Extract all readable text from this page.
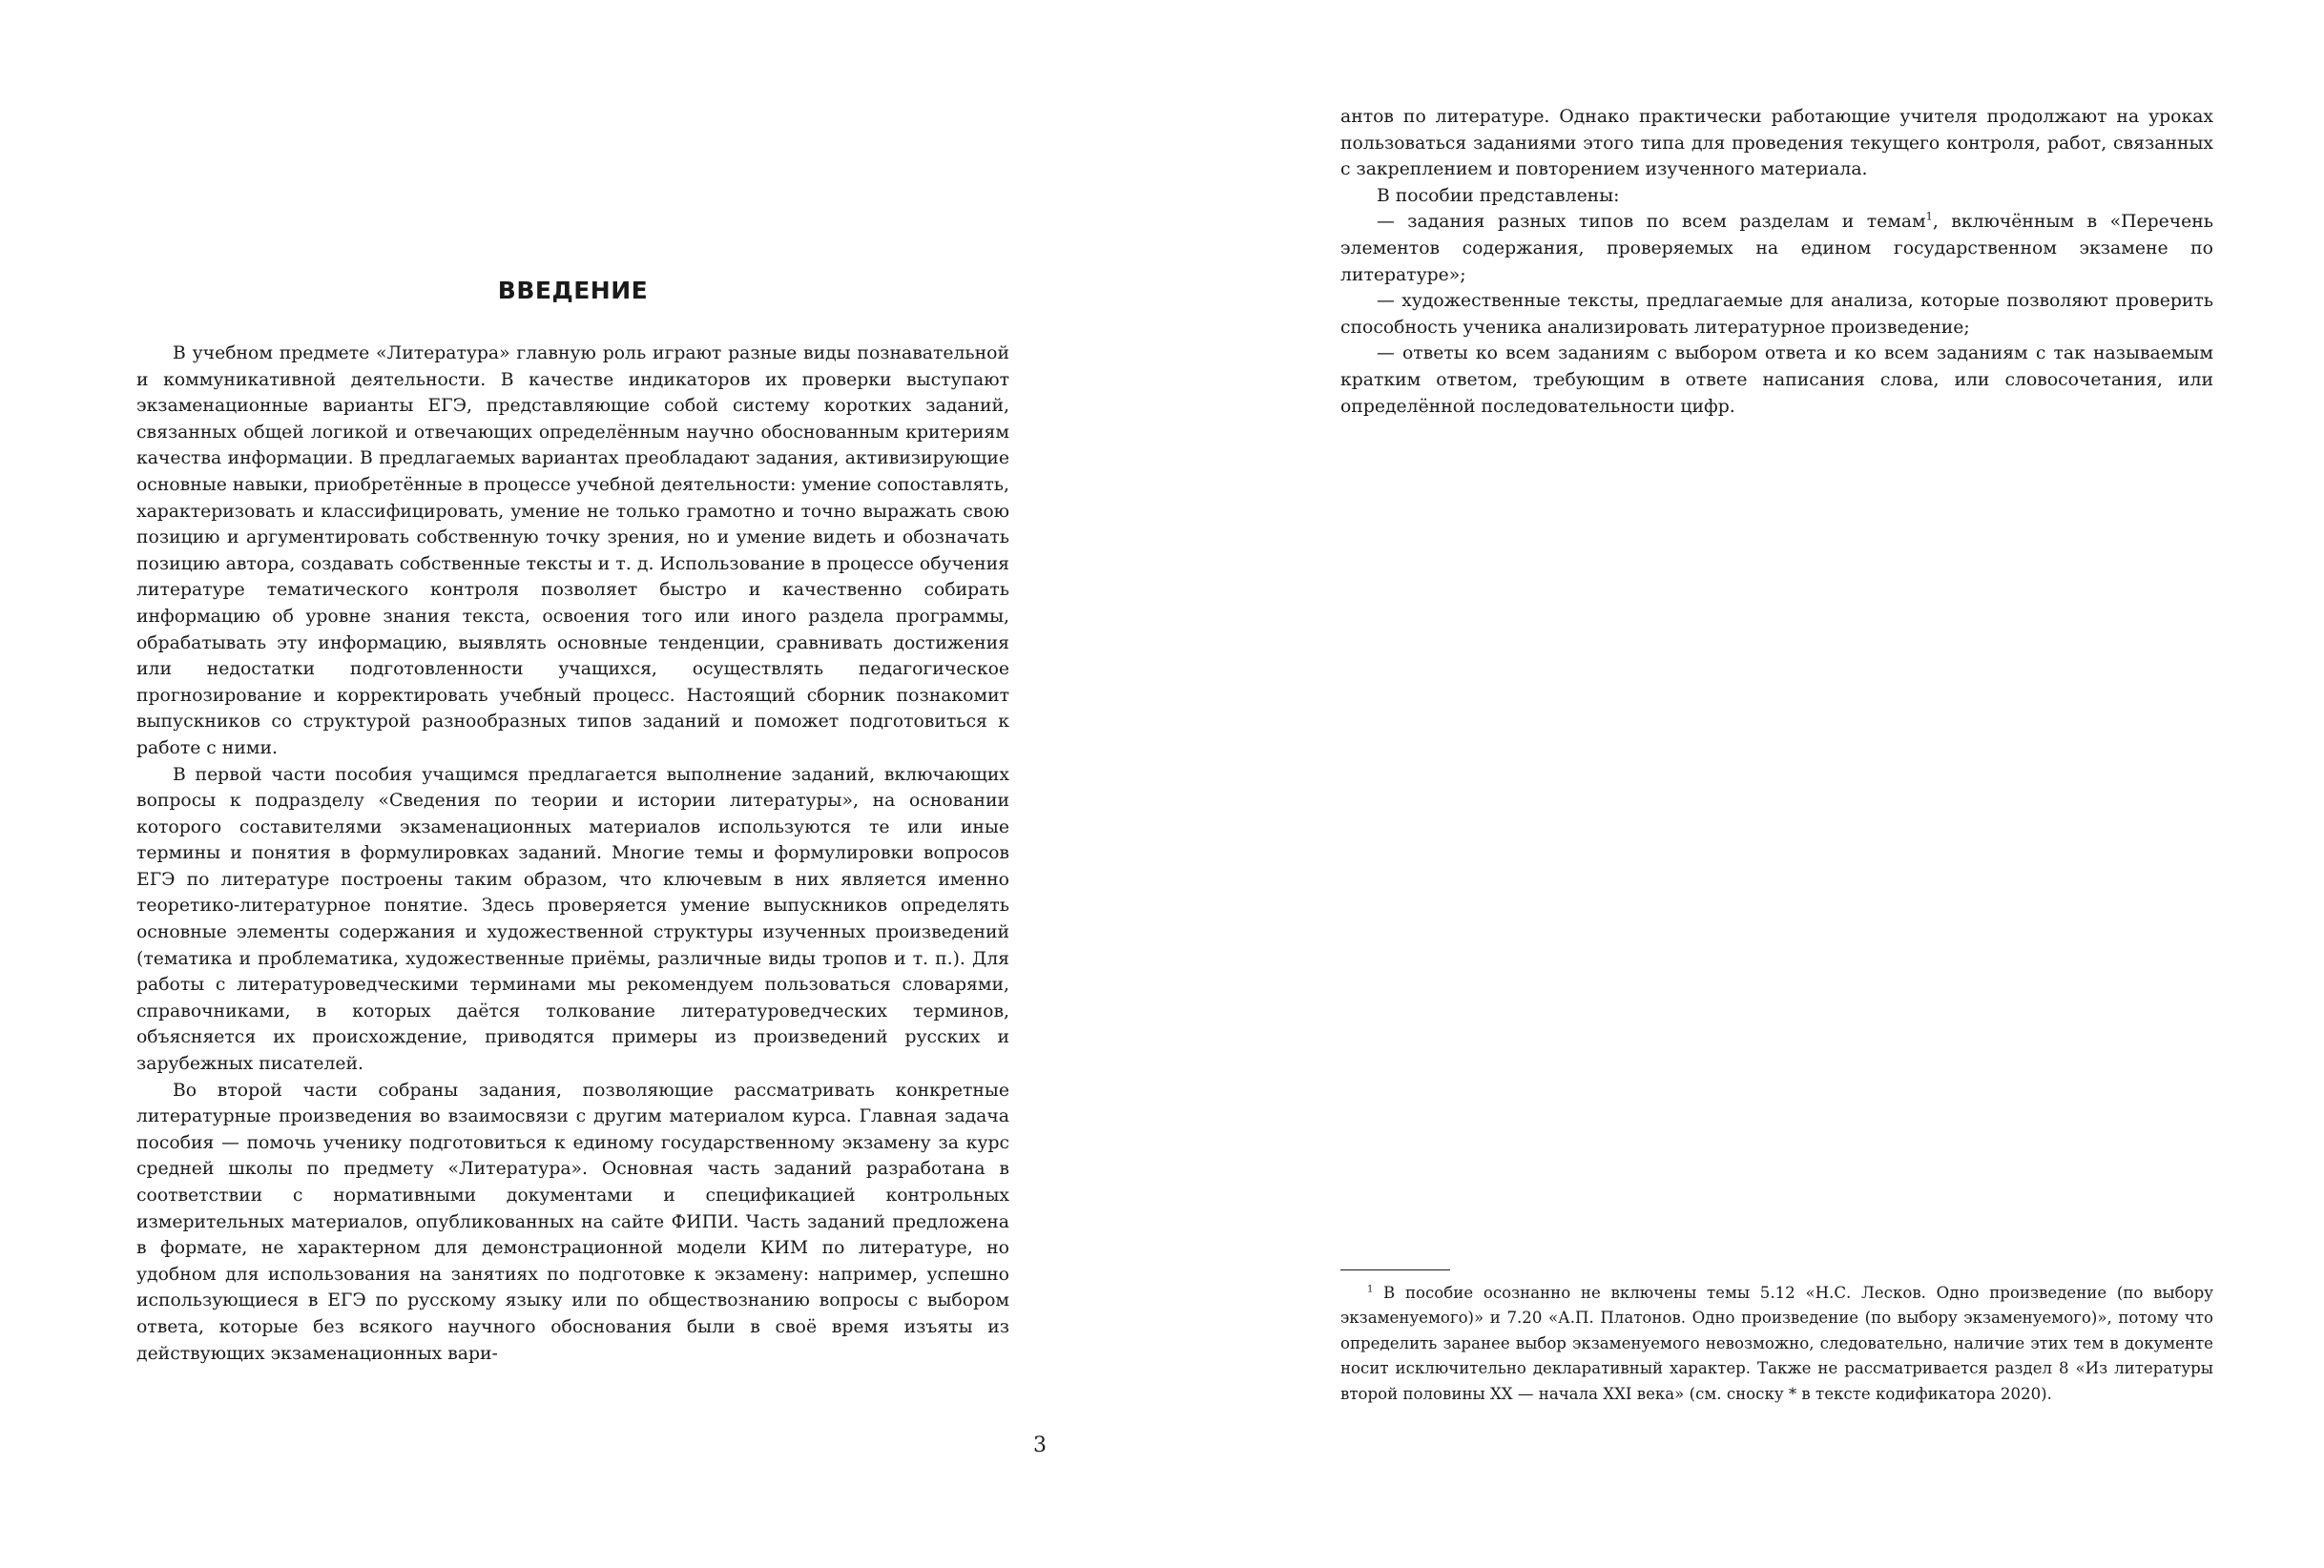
ВВЕДЕНИЕ

В учебном предмете «Литература» главную роль играют разные виды познавательной и коммуникативной деятельности. В качестве индикаторов их проверки выступают экзаменационные варианты ЕГЭ, представляющие собой систему коротких заданий, связанных общей логикой и отвечающих определённым научно обоснованным критериям качества информации. В предлагаемых вариантах преобладают задания, активизирующие основные навыки, приобретённые в процессе учебной деятельности: умение сопоставлять, характеризовать и классифицировать, умение не только грамотно и точно выражать свою позицию и аргументировать собственную точку зрения, но и умение видеть и обозначать позицию автора, создавать собственные тексты и т. д. Использование в процессе обучения литературе тематического контроля позволяет быстро и качественно собирать информацию об уровне знания текста, освоения того или иного раздела программы, обрабатывать эту информацию, выявлять основные тенденции, сравнивать достижения или недостатки подготовленности учащихся, осуществлять педагогическое прогнозирование и корректировать учебный процесс. Настоящий сборник познакомит выпускников со структурой разнообразных типов заданий и поможет подготовиться к работе с ними.

В первой части пособия учащимся предлагается выполнение заданий, включающих вопросы к подразделу «Сведения по теории и истории литературы», на основании которого составителями экзаменационных материалов используются те или иные термины и понятия в формулировках заданий. Многие темы и формулировки вопросов ЕГЭ по литературе построены таким образом, что ключевым в них является именно теоретико-литературное понятие. Здесь проверяется умение выпускников определять основные элементы содержания и художественной структуры изученных произведений (тематика и проблематика, художественные приёмы, различные виды тропов и т. п.). Для работы с литературоведческими терминами мы рекомендуем пользоваться словарями, справочниками, в которых даётся толкование литературоведческих терминов, объясняется их происхождение, приводятся примеры из произведений русских и зарубежных писателей.

Во второй части собраны задания, позволяющие рассматривать конкретные литературные произведения во взаимосвязи с другим материалом курса. Главная задача пособия — помочь ученику подготовиться к единому государственному экзамену за курс средней школы по предмету «Литература». Основная часть заданий разработана в соответствии с нормативными документами и спецификацией контрольных измерительных материалов, опубликованных на сайте ФИПИ. Часть заданий предложена в формате, не характерном для демонстрационной модели КИМ по литературе, но удобном для использования на занятиях по подготовке к экзамену: например, успешно использующиеся в ЕГЭ по русскому языку или по обществознанию вопросы с выбором ответа, которые без всякого научного обоснования были в своё время изъяты из действующих экзаменационных вари-

3

антов по литературе. Однако практически работающие учителя продолжают на уроках пользоваться заданиями этого типа для проведения текущего контроля, работ, связанных с закреплением и повторением изученного материала.

В пособии представлены:

— задания разных типов по всем разделам и темам$^1$, включённым в «Перечень элементов содержания, проверяемых на едином государственном экзамене по литературе»;

— художественные тексты, предлагаемые для анализа, которые позволяют проверить способность ученика анализировать литературное произведение;

— ответы ко всем заданиям с выбором ответа и ко всем заданиям с так называемым кратким ответом, требующим в ответе написания слова, или словосочетания, или определённой последовательности цифр.

$^1$ В пособие осознанно не включены темы 5.12 «Н.С. Лесков. Одно произведение (по выбору экзаменуемого)» и 7.20 «А.П. Платонов. Одно произведение (по выбору экзаменуемого)», потому что определить заранее выбор экзаменуемого невозможно, следовательно, наличие этих тем в документе носит исключительно декларативный характер. Также не рассматривается раздел 8 «Из литературы второй половины XX — начала XXI века» (см. сноску * в тексте кодификатора 2020).
